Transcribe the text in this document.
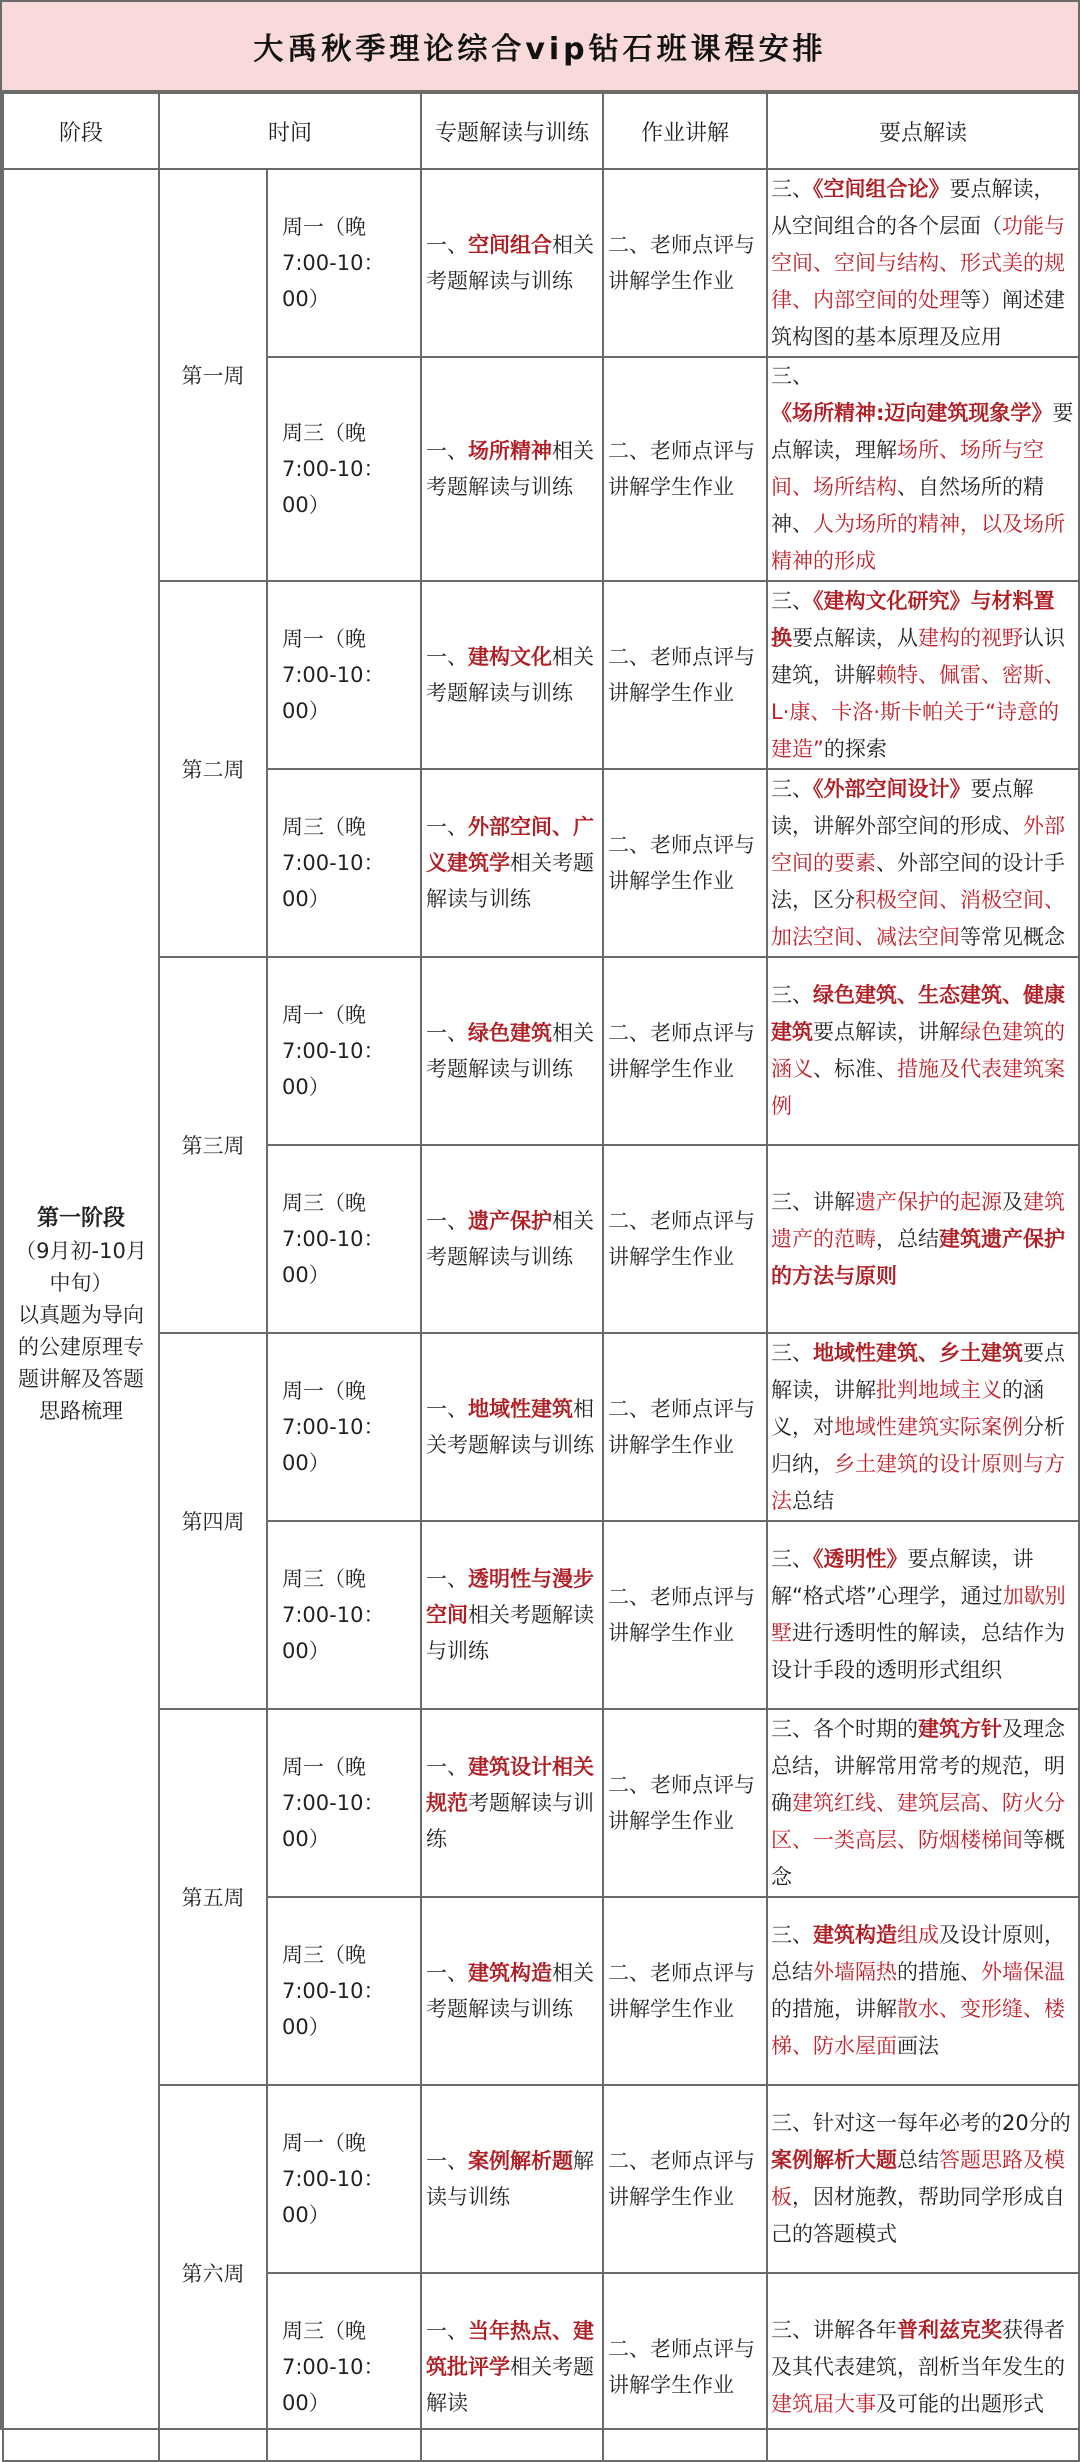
大禹秋季理论综合vip钻石班课程安排
阶段	时间		专题解读与训练	作业讲解	要点解读

第一阶段
（9月初-10月中旬）
以真题为导向的公建原理专题讲解及答题思路梳理	第一周	周一（晚7:00-10：00）	一、空间组合相关考题解读与训练	二、老师点评与讲解学生作业	三、《空间组合论》要点解读，从空间组合的各个层面（功能与空间、空间与结构、形式美的规律、内部空间的处理等）阐述建筑构图的基本原理及应用
		周三（晚7:00-10：00）	一、场所精神相关考题解读与训练	二、老师点评与讲解学生作业	三、《场所精神:迈向建筑现象学》要点解读，理解场所、场所与空间、场所结构、自然场所的精神、人为场所的精神，以及场所精神的形成
	第二周	周一（晚7:00-10：00）	一、建构文化相关考题解读与训练	二、老师点评与讲解学生作业	三、《建构文化研究》与材料置换要点解读，从建构的视野认识建筑，讲解赖特、佩雷、密斯、L·康、卡洛·斯卡帕关于“诗意的建造”的探索
		周三（晚7:00-10：00）	一、外部空间、广义建筑学相关考题解读与训练	二、老师点评与讲解学生作业	三、《外部空间设计》要点解读，讲解外部空间的形成、外部空间的要素、外部空间的设计手法，区分积极空间、消极空间、加法空间、减法空间等常见概念
	第三周	周一（晚7:00-10：00）	一、绿色建筑相关考题解读与训练	二、老师点评与讲解学生作业	三、绿色建筑、生态建筑、健康建筑要点解读，讲解绿色建筑的涵义、标准、措施及代表建筑案例
		周三（晚7:00-10：00）	一、遗产保护相关考题解读与训练	二、老师点评与讲解学生作业	三、讲解遗产保护的起源及建筑遗产的范畴，总结建筑遗产保护的方法与原则
	第四周	周一（晚7:00-10：00）	一、地域性建筑相关考题解读与训练	二、老师点评与讲解学生作业	三、地域性建筑、乡土建筑要点解读，讲解批判地域主义的涵义，对地域性建筑实际案例分析归纳，乡土建筑的设计原则与方法总结
		周三（晚7:00-10：00）	一、透明性与漫步空间相关考题解读与训练	二、老师点评与讲解学生作业	三、《透明性》要点解读，讲解“格式塔”心理学，通过加歇别墅进行透明性的解读，总结作为设计手段的透明形式组织
	第五周	周一（晚7:00-10：00）	一、建筑设计相关规范考题解读与训练	二、老师点评与讲解学生作业	三、各个时期的建筑方针及理念总结，讲解常用常考的规范，明确建筑红线、建筑层高、防火分区、一类高层、防烟楼梯间等概念
		周三（晚7:00-10：00）	一、建筑构造相关考题解读与训练	二、老师点评与讲解学生作业	三、建筑构造组成及设计原则，总结外墙隔热的措施、外墙保温的措施，讲解散水、变形缝、楼梯、防水屋面画法
	第六周	周一（晚7:00-10：00）	一、案例解析题解读与训练	二、老师点评与讲解学生作业	三、针对这一每年必考的20分的案例解析大题总结答题思路及模板，因材施教，帮助同学形成自己的答题模式
		周三（晚7:00-10：00）	一、当年热点、建筑批评学相关考题解读	二、老师点评与讲解学生作业	三、讲解各年普利兹克奖获得者及其代表建筑，剖析当年发生的建筑届大事及可能的出题形式
